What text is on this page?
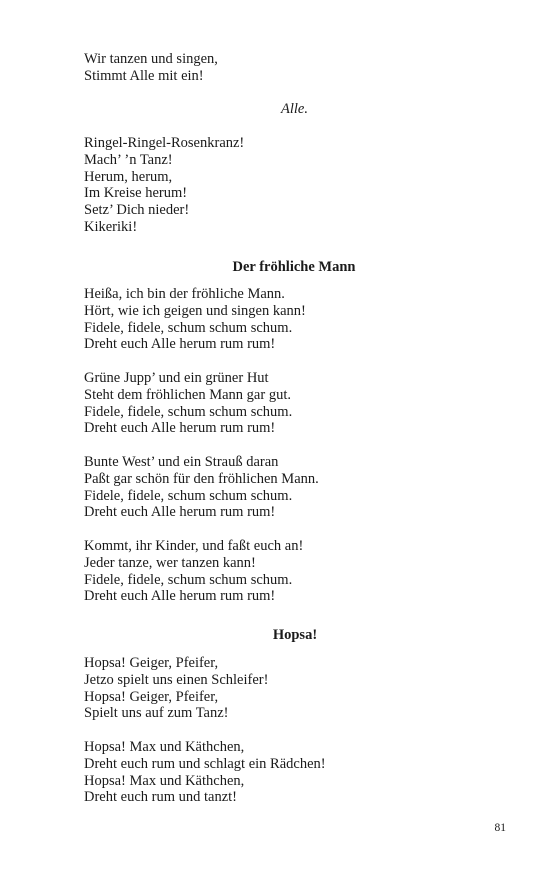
Wir tanzen und singen,
Stimmt Alle mit ein!
Alle.
Ringel-Ringel-Rosenkranz!
Mach’ ’n Tanz!
Herum, herum,
Im Kreise herum!
Setz’ Dich nieder!
Kikeriki!
Der fröhliche Mann
Heißa, ich bin der fröhliche Mann.
Hört, wie ich geigen und singen kann!
Fidele, fidele, schum schum schum.
Dreht euch Alle herum rum rum!
Grüne Jupp’ und ein grüner Hut
Steht dem fröhlichen Mann gar gut.
Fidele, fidele, schum schum schum.
Dreht euch Alle herum rum rum!
Bunte West’ und ein Strauß daran
Paßt gar schön für den fröhlichen Mann.
Fidele, fidele, schum schum schum.
Dreht euch Alle herum rum rum!
Kommt, ihr Kinder, und faßt euch an!
Jeder tanze, wer tanzen kann!
Fidele, fidele, schum schum schum.
Dreht euch Alle herum rum rum!
Hopsa!
Hopsa! Geiger, Pfeifer,
Jetzo spielt uns einen Schleifer!
Hopsa! Geiger, Pfeifer,
Spielt uns auf zum Tanz!
Hopsa! Max und Käthchen,
Dreht euch rum und schlagt ein Rädchen!
Hopsa! Max und Käthchen,
Dreht euch rum und tanzt!
81
